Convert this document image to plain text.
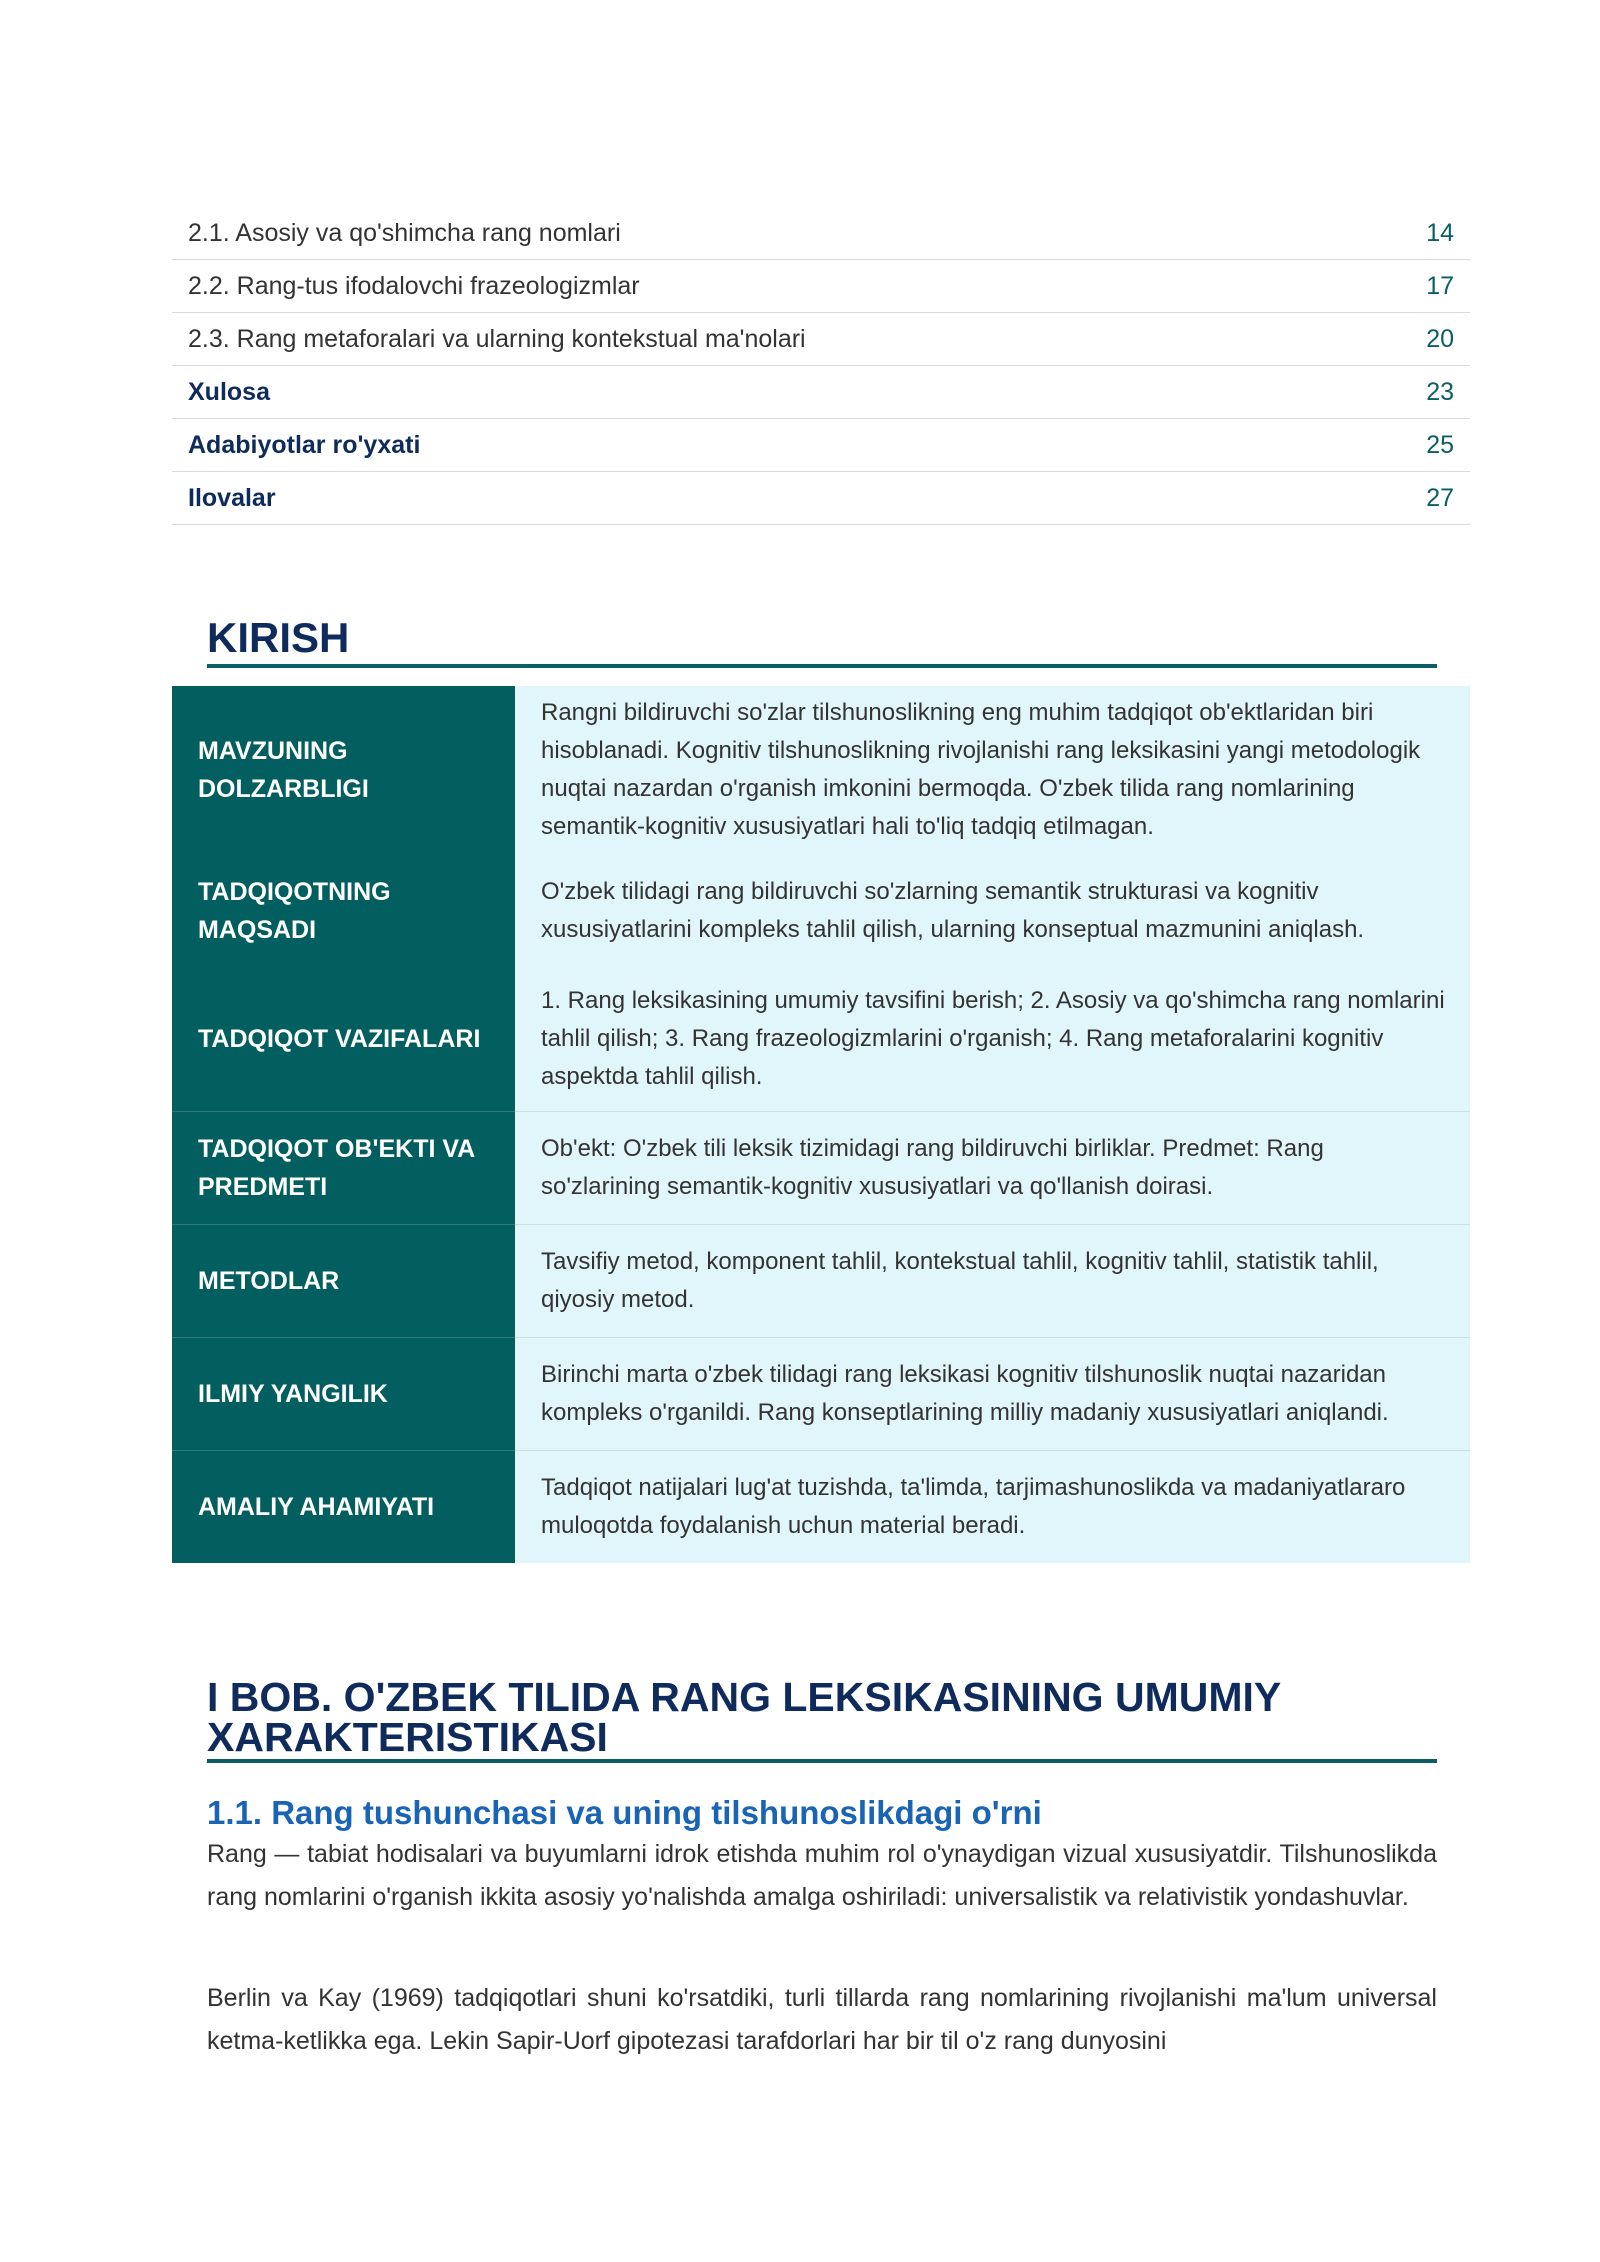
2.1. Asosiy va qo'shimcha rang nomlari	14
2.2. Rang-tus ifodalovchi frazeologizmlar	17
2.3. Rang metaforalari va ularning kontekstual ma'nolari	20
Xulosa	23
Adabiyotlar ro'yxati	25
Ilovalar	27
KIRISH
MAVZUNING DOLZARBLIGI	Rangni bildiruvchi so'zlar tilshunoslikning eng muhim tadqiqot ob'ektlaridan biri hisoblanadi. Kognitiv tilshunoslikning rivojlanishi rang leksikasini yangi metodologik nuqtai nazardan o'rganish imkonini bermoqda. O'zbek tilida rang nomlarining semantik-kognitiv xususiyatlari hali to'liq tadqiq etilmagan.
TADQIQOTNING MAQSADI	O'zbek tilidagi rang bildiruvchi so'zlarning semantik strukturasi va kognitiv xususiyatlarini kompleks tahlil qilish, ularning konseptual mazmunini aniqlash.
TADQIQOT VAZIFALARI	1. Rang leksikasining umumiy tavsifini berish; 2. Asosiy va qo'shimcha rang nomlarini tahlil qilish; 3. Rang frazeologizmlarini o'rganish; 4. Rang metaforalarini kognitiv aspektda tahlil qilish.
TADQIQOT OB'EKTI VA PREDMETI	Ob'ekt: O'zbek tili leksik tizimidagi rang bildiruvchi birliklar. Predmet: Rang so'zlarining semantik-kognitiv xususiyatlari va qo'llanish doirasi.
METODLAR	Tavsifiy metod, komponent tahlil, kontekstual tahlil, kognitiv tahlil, statistik tahlil, qiyosiy metod.
ILMIY YANGILIK	Birinchi marta o'zbek tilidagi rang leksikasi kognitiv tilshunoslik nuqtai nazaridan kompleks o'rganildi. Rang konseptlarining milliy madaniy xususiyatlari aniqlandi.
AMALIY AHAMIYATI	Tadqiqot natijalari lug'at tuzishda, ta'limda, tarjimashunoslikda va madaniyatlararo muloqotda foydalanish uchun material beradi.
I BOB. O'ZBEK TILIDA RANG LEKSIKASINING UMUMIY XARAKTERISTIKASI
1.1. Rang tushunchasi va uning tilshunoslikdagi o'rni

Rang — tabiat hodisalari va buyumlarni idrok etishda muhim rol o'ynaydigan vizual xususiyatdir. Tilshunoslikda rang nomlarini o'rganish ikkita asosiy yo'nalishda amalga oshiriladi: universalistik va relativistik yondashuvlar.

Berlin va Kay (1969) tadqiqotlari shuni ko'rsatdiki, turli tillarda rang nomlarining rivojlanishi ma'lum universal ketma-ketlikka ega. Lekin Sapir-Uorf gipotezasi tarafdorlari har bir til o'z rang dunyosini
